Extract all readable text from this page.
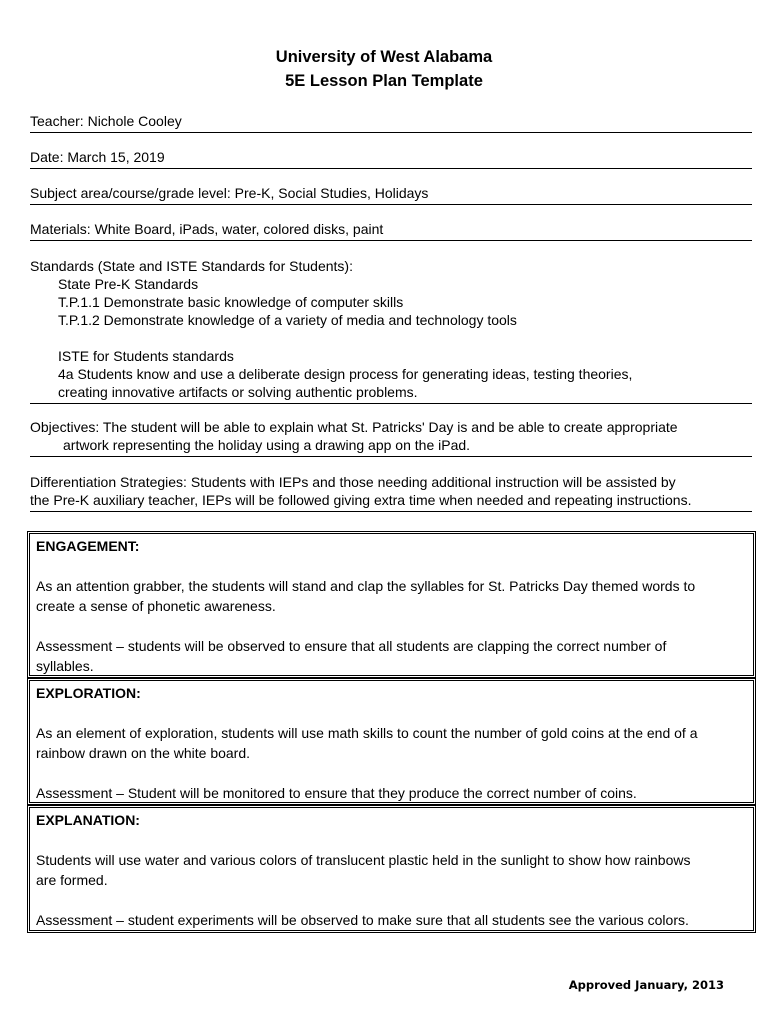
University of West Alabama
5E Lesson Plan Template
Teacher: Nichole Cooley
Date: March 15, 2019
Subject area/course/grade level: Pre-K, Social Studies, Holidays
Materials: White Board, iPads, water, colored disks, paint
Standards (State and ISTE Standards for Students):
State Pre-K Standards
T.P.1.1 Demonstrate basic knowledge of computer skills
T.P.1.2 Demonstrate knowledge of a variety of media and technology tools
ISTE for Students standards
4a Students know and use a deliberate design process for generating ideas, testing theories,
creating innovative artifacts or solving authentic problems.
Objectives: The student will be able to explain what St. Patricks' Day is and be able to create appropriate
artwork representing the holiday using a drawing app on the iPad.
Differentiation Strategies: Students with IEPs and those needing additional instruction will be assisted by
the Pre-K auxiliary teacher, IEPs will be followed giving extra time when needed and repeating instructions.
ENGAGEMENT:

As an attention grabber, the students will stand and clap the syllables for St. Patricks Day themed words to

create a sense of phonetic awareness.

Assessment – students will be observed to ensure that all students are clapping the correct number of

syllables.

EXPLORATION:

As an element of exploration, students will use math skills to count the number of gold coins at the end of a

rainbow drawn on the white board.

Assessment – Student will be monitored to ensure that they produce the correct number of coins.

EXPLANATION:

Students will use water and various colors of translucent plastic held in the sunlight to show how rainbows

are formed.

Assessment – student experiments will be observed to make sure that all students see the various colors.

Approved January, 2013
